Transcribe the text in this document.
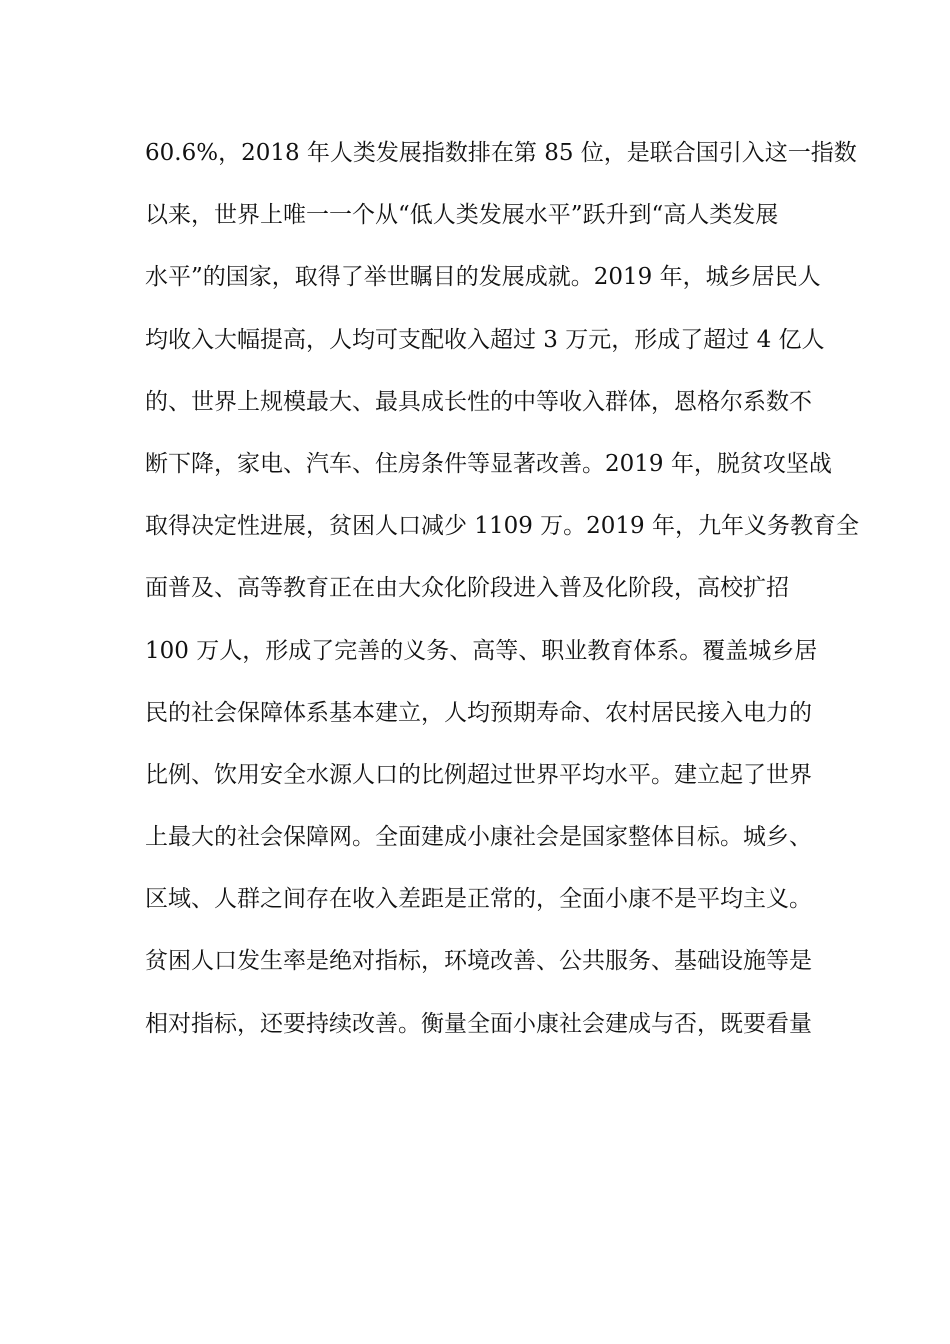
60.6%，2018 年人类发展指数排在第 85 位，是联合国引入这一指数
以来，世界上唯一一个从“低人类发展水平”跃升到“高人类发展
水平”的国家，取得了举世瞩目的发展成就。2019 年，城乡居民人
均收入大幅提高，人均可支配收入超过 3 万元，形成了超过 4 亿人
的、世界上规模最大、最具成长性的中等收入群体，恩格尔系数不
断下降，家电、汽车、住房条件等显著改善。2019 年，脱贫攻坚战
取得决定性进展，贫困人口减少 1109 万。2019 年，九年义务教育全
面普及、高等教育正在由大众化阶段进入普及化阶段，高校扩招
100 万人，形成了完善的义务、高等、职业教育体系。覆盖城乡居
民的社会保障体系基本建立，人均预期寿命、农村居民接入电力的
比例、饮用安全水源人口的比例超过世界平均水平。建立起了世界
上最大的社会保障网。全面建成小康社会是国家整体目标。城乡、
区域、人群之间存在收入差距是正常的，全面小康不是平均主义。
贫困人口发生率是绝对指标，环境改善、公共服务、基础设施等是
相对指标，还要持续改善。衡量全面小康社会建成与否，既要看量
